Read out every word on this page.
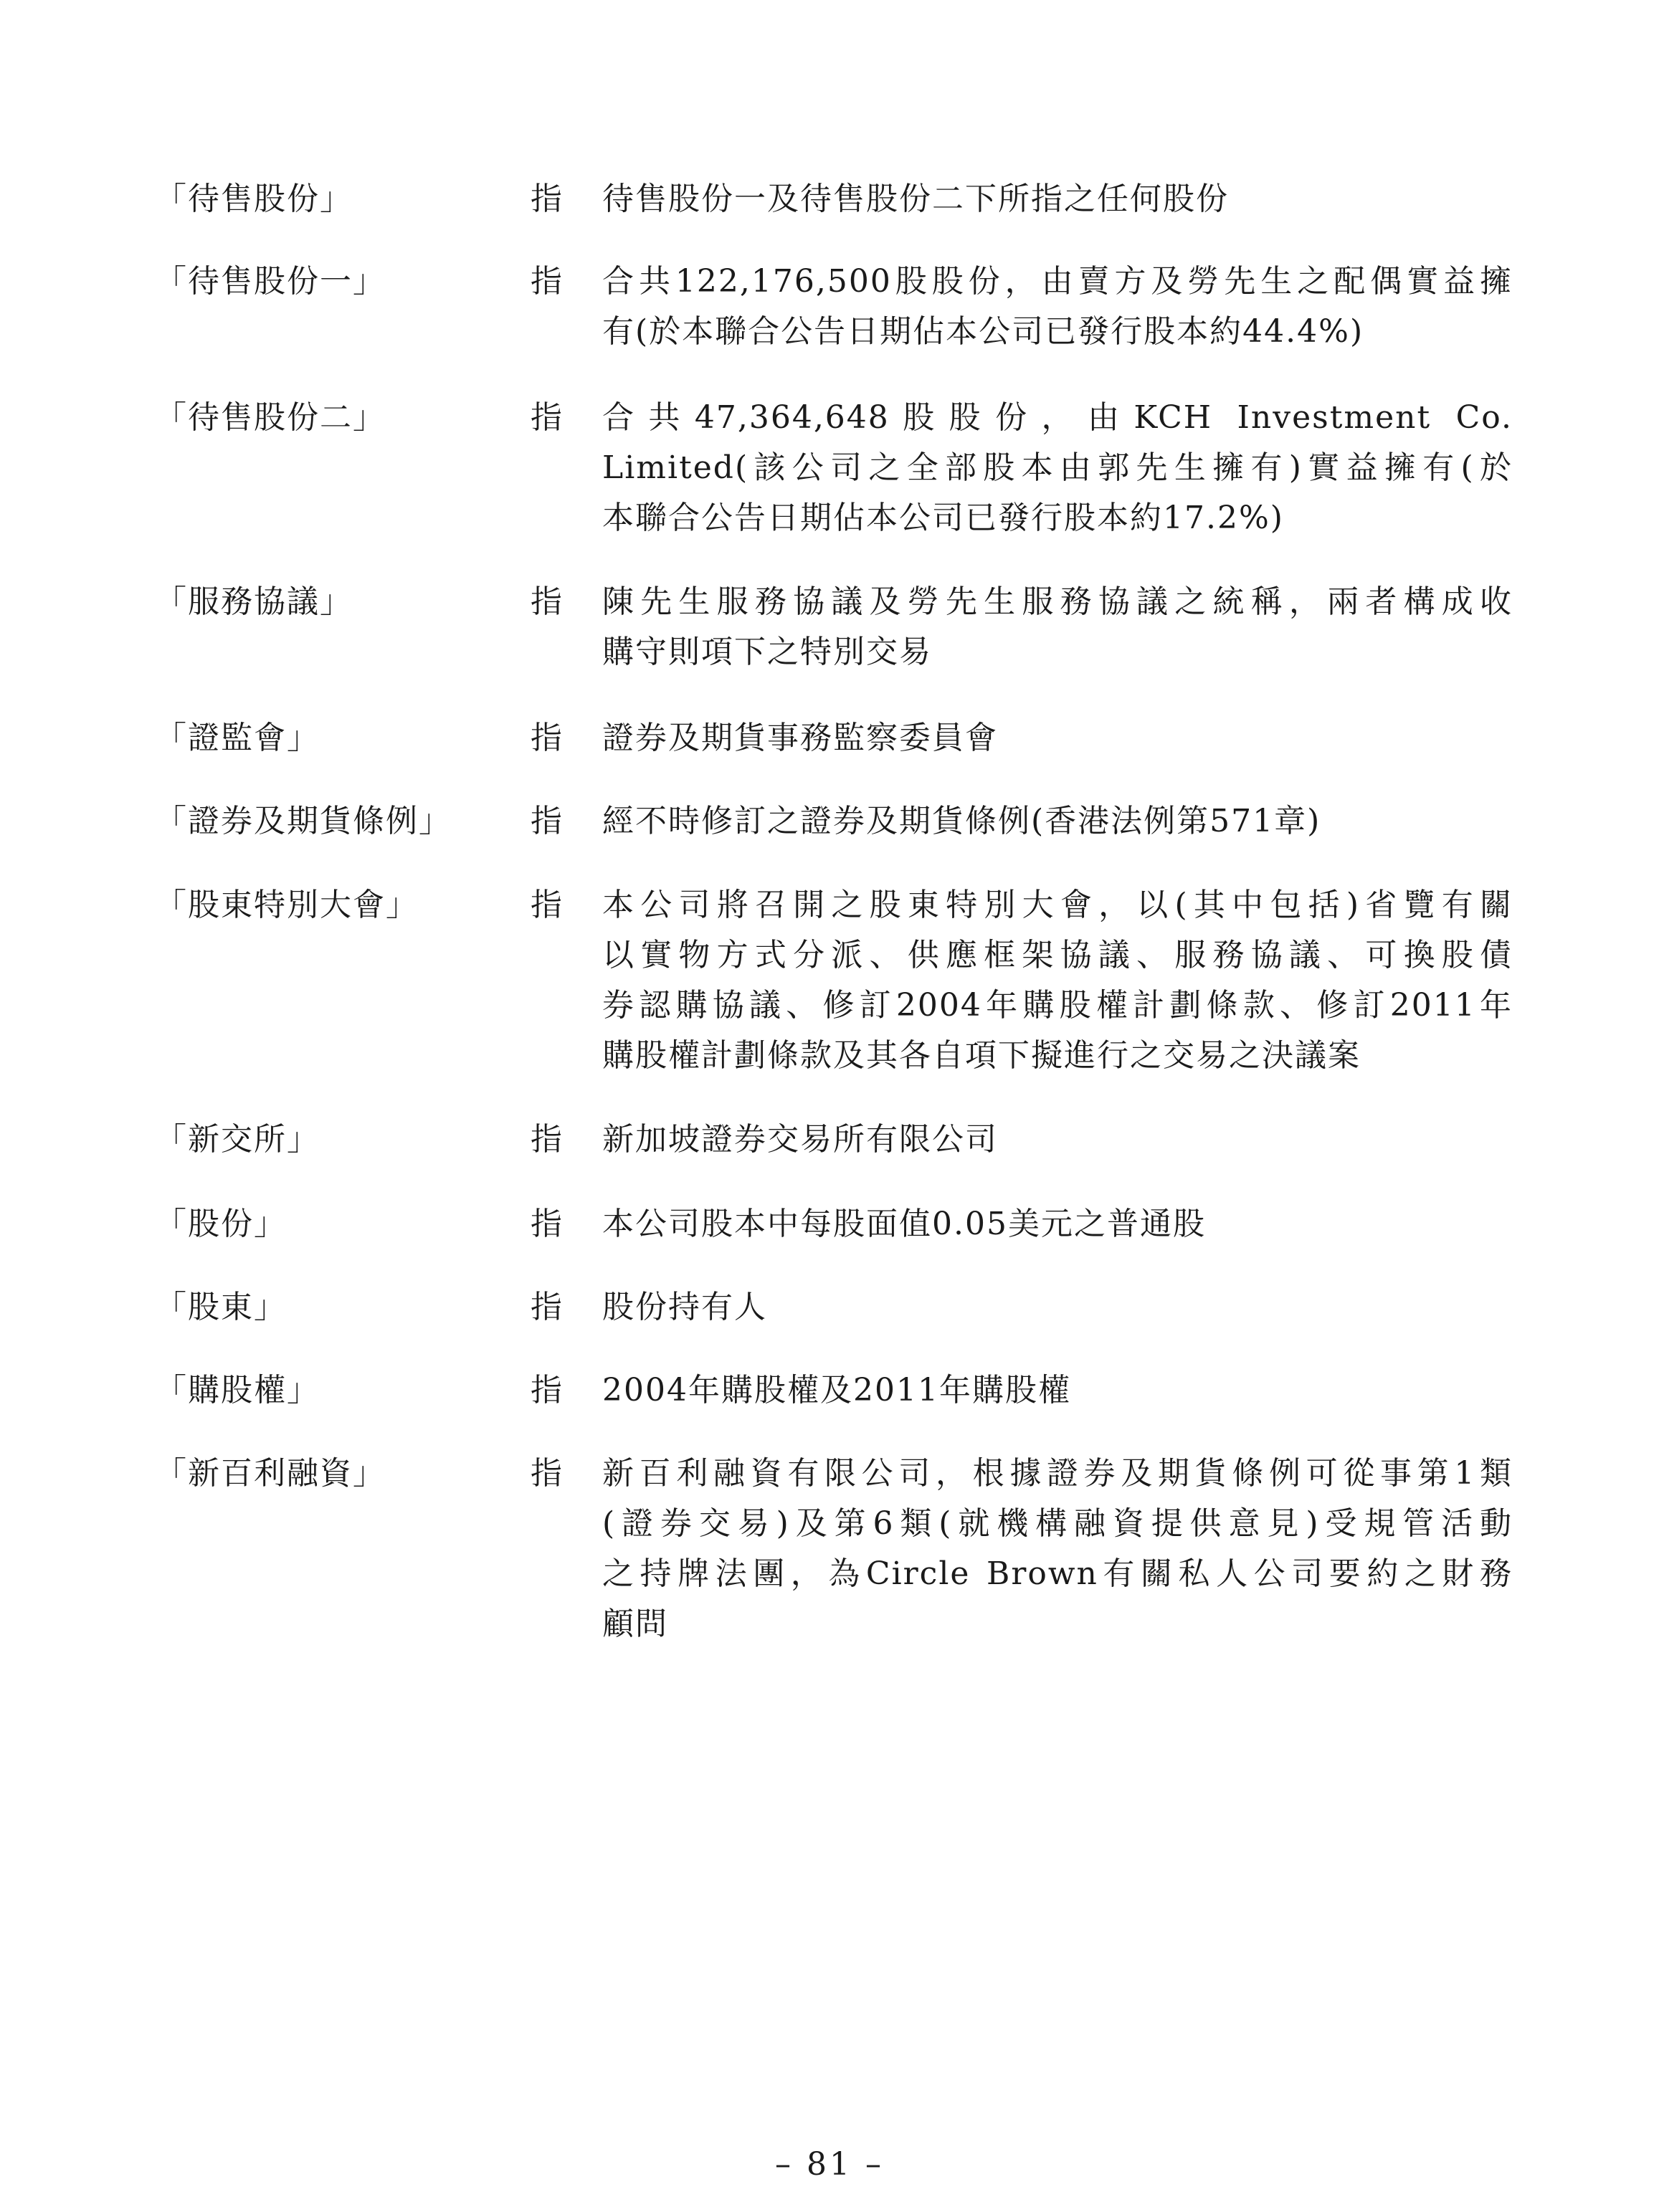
「待售股份」	指 待售股份一及待售股份二下所指之任何股份
「待售股份一」	指 合共122,176,500股股份，由賣方及勞先生之配偶實益擁
有(於本聯合公告日期佔本公司已發行股本約44.4%)
「待售股份二」	指 合共47,364,648股股份，由KCH Investment Co.
Limited(該公司之全部股本由郭先生擁有)實益擁有(於
本聯合公告日期佔本公司已發行股本約17.2%)
「服務協議」	指 陳先生服務協議及勞先生服務協議之統稱，兩者構成收
購守則項下之特別交易
「證監會」	指 證券及期貨事務監察委員會
「證券及期貨條例」	指 經不時修訂之證券及期貨條例(香港法例第571章)
「股東特別大會」	指 本公司將召開之股東特別大會，以(其中包括)省覽有關
以實物方式分派、供應框架協議、服務協議、可換股債
券認購協議、修訂2004年購股權計劃條款、修訂2011年
購股權計劃條款及其各自項下擬進行之交易之決議案
「新交所」	指 新加坡證券交易所有限公司
「股份」	指 本公司股本中每股面值0.05美元之普通股
「股東」	指 股份持有人
「購股權」	指 2004年購股權及2011年購股權
「新百利融資」	指 新百利融資有限公司，根據證券及期貨條例可從事第1類
(證券交易)及第6類(就機構融資提供意見)受規管活動
之持牌法團，為Circle Brown有關私人公司要約之財務
顧問
– 81 –
